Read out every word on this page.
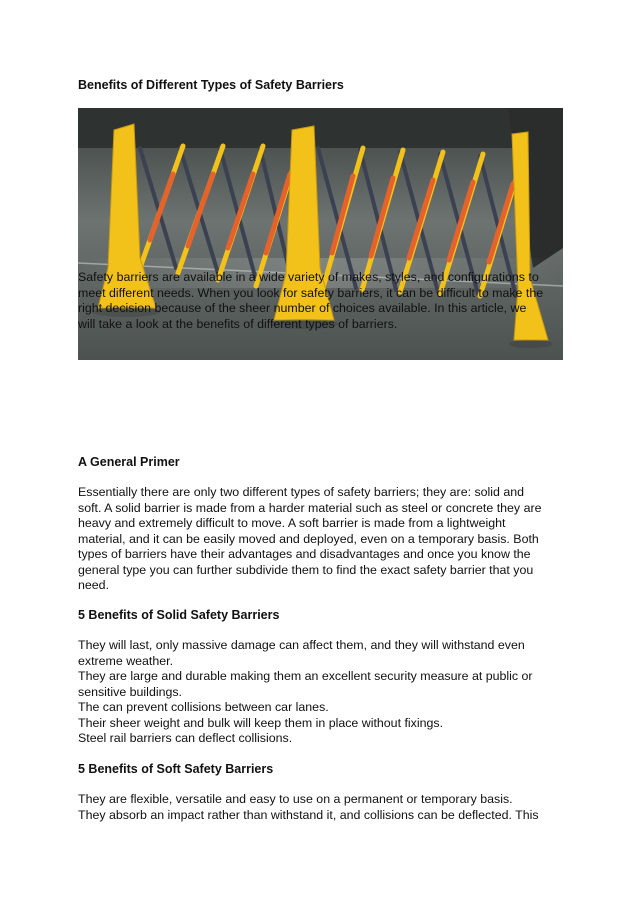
Benefits of Different Types of Safety Barriers

Safety barriers are available in a wide variety of makes, styles, and configurations to
meet different needs. When you look for safety barriers, it can be difficult to make the
right decision because of the sheer number of choices available. In this article, we
will take a look at the benefits of different types of barriers.

A General Primer

Essentially there are only two different types of safety barriers; they are: solid and
soft. A solid barrier is made from a harder material such as steel or concrete they are
heavy and extremely difficult to move. A soft barrier is made from a lightweight
material, and it can be easily moved and deployed, even on a temporary basis. Both
types of barriers have their advantages and disadvantages and once you know the
general type you can further subdivide them to find the exact safety barrier that you
need.

5 Benefits of Solid Safety Barriers

They will last, only massive damage can affect them, and they will withstand even
extreme weather.
They are large and durable making them an excellent security measure at public or
sensitive buildings.
The can prevent collisions between car lanes.
Their sheer weight and bulk will keep them in place without fixings.
Steel rail barriers can deflect collisions.

5 Benefits of Soft Safety Barriers

They are flexible, versatile and easy to use on a permanent or temporary basis.
They absorb an impact rather than withstand it, and collisions can be deflected. This
